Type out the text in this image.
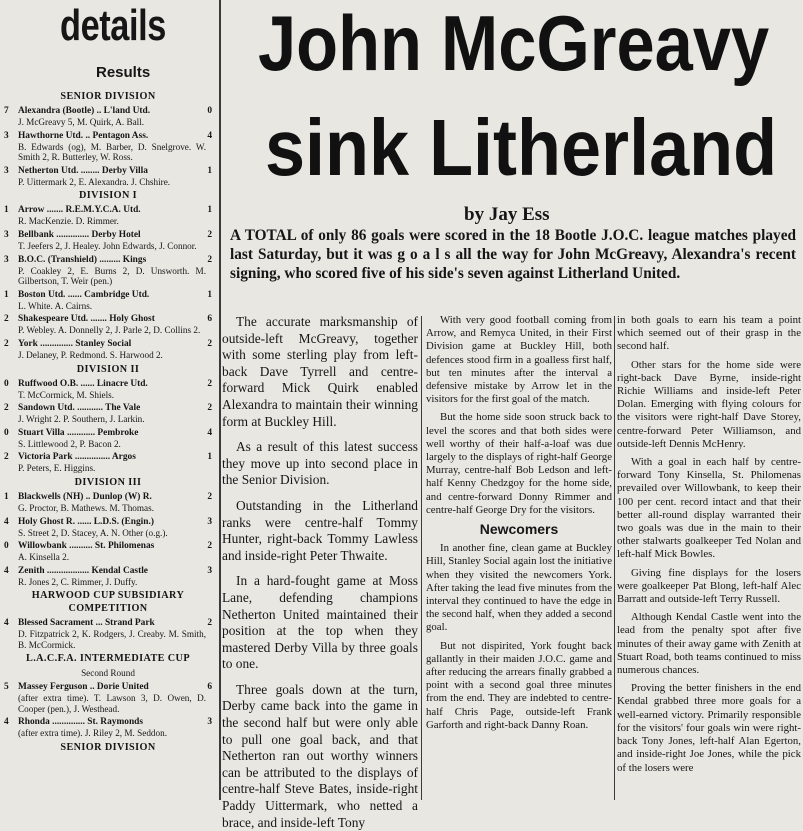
details
Results
SENIOR DIVISION
7 Alexandra (Bootle) .. L'land Utd.	0
J. McGreavy 5, M. Quirk, A. Ball.
3 Hawthorne Utd. .. Pentagon Ass.	4
B. Edwards (og), M. Barber, D. Snelgrove. W. Smith 2, R. Butterley, W. Ross.
3 Netherton Utd. ........ Derby Villa	1
P. Uittermark 2, E. Alexandra. J. Chshire.
DIVISION I
1 Arrow ....... R.E.M.Y.C.A. Utd.	1
R. MacKenzie. D. Rimmer.
3 Bellbank .............. Derby Hotel	2
T. Jeefers 2, J. Healey. John Edwards, J. Connor.
3 B.O.C. (Transhield) ......... Kings	2
P. Coakley 2, E. Burns 2, D. Unsworth. M. Gilbertson, T. Weir (pen.)
1 Boston Utd. ...... Cambridge Utd.	1
L. White. A. Cairns.
2 Shakespeare Utd. ....... Holy Ghost	6
P. Webley. A. Donnelly 2, J. Parle 2, D. Collins 2.
2 York .............. Stanley Social	2
J. Delaney, P. Redmond. S. Harwood 2.
DIVISION II
0 Ruffwood O.B. ...... Linacre Utd.	2
T. McCormick, M. Shiels.
2 Sandown Utd. ........... The Vale	2
J. Wright 2. P. Southern, J. Larkin.
0 Stuart Villa ............ Pembroke	4
S. Littlewood 2, P. Bacon 2.
2 Victoria Park ............... Argos	1
P. Peters, E. Higgins.
DIVISION III
1 Blackwells (NH) .. Dunlop (W) R.	2
G. Proctor, B. Mathews. M. Thomas.
4 Holy Ghost R. ...... L.D.S. (Engin.)	3
S. Street 2, D. Stacey, A. N. Other (o.g.).
0 Willowbank .......... St. Philomenas	2
A. Kinsella 2.
4 Zenith .................. Kendal Castle	3
R. Jones 2, C. Rimmer, J. Duffy.
HARWOOD CUP SUBSIDIARY COMPETITION
4 Blessed Sacrament ... Strand Park	2
D. Fitzpatrick 2, K. Rodgers, J. Creaby. M. Smith, B. McCormick.
L.A.C.F.A. INTERMEDIATE CUP
Second Round
5 Massey Ferguson .. Dorie United	6
(after extra time). T. Lawson 3, D. Owen, D. Cooper (pen.), J. Westhead.
4 Rhonda .............. St. Raymonds	3
(after extra time). J. Riley 2, M. Seddon.
SENIOR DIVISION
John McGreavy
sink Litherland
by Jay Ess
A TOTAL of only 86 goals were scored in the 18 Bootle J.O.C. league matches played last Saturday, but it was g o a l s all the way for John McGreavy, Alexandra's recent signing, who scored five of his side's seven against Litherland United.

The accurate marksmanship of outside-left McGreavy, together with some sterling play from left-back Dave Tyrrell and centre-forward Mick Quirk enabled Alexandra to maintain their winning form at Buckley Hill.

As a result of this latest success they move up into second place in the Senior Division.

Outstanding in the Litherland ranks were centre-half Tommy Hunter, right-back Tommy Lawless and inside-right Peter Thwaite.

In a hard-fought game at Moss Lane, defending champions Netherton United maintained their position at the top when they mastered Derby Villa by three goals to one.

Three goals down at the turn, Derby came back into the game in the second half but were only able to pull one goal back, and that Netherton ran out worthy winners can be attributed to the displays of centre-half Steve Bates, inside-right Paddy Uittermark, who netted a brace, and inside-left Tony

With very good football coming from Arrow, and Remyca United, in their First Division game at Buckley Hill, both defences stood firm in a goalless first half, but ten minutes after the interval a defensive mistake by Arrow let in the visitors for the first goal of the match.

But the home side soon struck back to level the scores and that both sides were well worthy of their half-a-loaf was due largely to the displays of right-half George Murray, centre-half Bob Ledson and left-half Kenny Chedzgoy for the home side, and centre-forward Donny Rimmer and centre-half George Dry for the visitors.

Newcomers

In another fine, clean game at Buckley Hill, Stanley Social again lost the initiative when they visited the newcomers York. After taking the lead five minutes from the interval they continued to have the edge in the second half, when they added a second goal.

But not dispirited, York fought back gallantly in their maiden J.O.C. game and after reducing the arrears finally grabbed a point with a second goal three minutes from the end. They are indebted to centre-half Chris Page, outside-left Frank Garforth and right-back Danny Roan.

in both goals to earn his team a point which seemed out of their grasp in the second half.

Other stars for the home side were right-back Dave Byrne, inside-right Richie Williams and inside-left Peter Dolan. Emerging with flying colours for the visitors were right-half Dave Storey, centre-forward Peter Williamson, and outside-left Dennis McHenry.

With a goal in each half by centre-forward Tony Kinsella, St. Philomenas prevailed over Willowbank, to keep their 100 per cent. record intact and that their better all-round display warranted their two goals was due in the main to their other stalwarts goalkeeper Ted Nolan and left-half Mick Bowles.

Giving fine displays for the losers were goalkeeper Pat Blong, left-half Alec Barratt and outside-left Terry Russell.

Although Kendal Castle went into the lead from the penalty spot after five minutes of their away game with Zenith at Stuart Road, both teams continued to miss numerous chances.

Proving the better finishers in the end Kendal grabbed three more goals for a well-earned victory. Primarily responsible for the visitors' four goals win were right-back Tony Jones, left-half Alan Egerton, and inside-right Joe Jones, while the pick of the losers were
